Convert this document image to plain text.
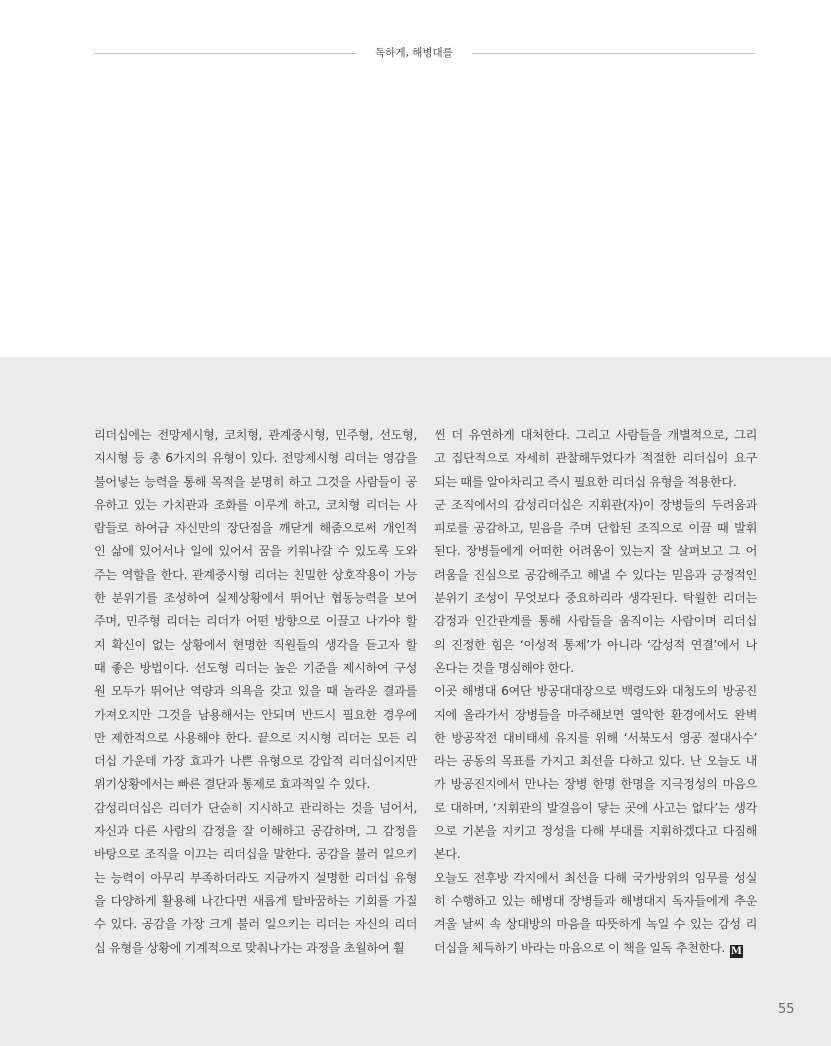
독하게, 해병대를
리더십에는 전망제시형, 코치형, 관계중시형, 민주형, 선도형,
지시형 등 총 6가지의 유형이 있다. 전망제시형 리더는 영감을
불어넣는 능력을 통해 목적을 분명히 하고 그것을 사람들이 공
유하고 있는 가치관과 조화를 이루게 하고, 코치형 리더는 사
람들로 하여금 자신만의 장단점을 깨닫게 해줌으로써 개인적
인 삶에 있어서나 일에 있어서 꿈을 키워나갈 수 있도록 도와
주는 역할을 한다. 관계중시형 리더는 친밀한 상호작용이 가능
한 분위기를 조성하여 실제상황에서 뛰어난 협동능력을 보여
주며, 민주형 리더는 리더가 어떤 방향으로 이끌고 나가야 할
지 확신이 없는 상황에서 현명한 직원들의 생각을 듣고자 할
때 좋은 방법이다. 선도형 리더는 높은 기준을 제시하여 구성
원 모두가 뛰어난 역량과 의욕을 갖고 있을 때 놀라운 결과를
가져오지만 그것을 남용해서는 안되며 반드시 필요한 경우에
만 제한적으로 사용해야 한다. 끝으로 지시형 리더는 모든 리
더십 가운데 가장 효과가 나쁜 유형으로 강압적 리더십이지만
위기상황에서는 빠른 결단과 통제로 효과적일 수 있다.
감성리더십은 리더가 단순히 지시하고 관리하는 것을 넘어서,
자신과 다른 사람의 감정을 잘 이해하고 공감하며, 그 감정을
바탕으로 조직을 이끄는 리더십을 말한다. 공감을 불러 일으키
는 능력이 아무리 부족하더라도 지금까지 설명한 리더십 유형
을 다양하게 활용해 나간다면 새롭게 탈바꿈하는 기회를 가질
수 있다. 공감을 가장 크게 불러 일으키는 리더는 자신의 리더
십 유형을 상황에 기계적으로 맞춰나가는 과정을 초월하여 훨
씬 더 유연하게 대처한다. 그리고 사람들을 개별적으로, 그리
고 집단적으로 자세히 관찰해두었다가 적절한 리더십이 요구
되는 때를 알아차리고 즉시 필요한 리더십 유형을 적용한다.
군 조직에서의 감성리더십은 지휘관(자)이 장병들의 두려움과
피로를 공감하고, 믿음을 주며 단합된 조직으로 이끌 때 발휘
된다. 장병들에게 어떠한 어려움이 있는지 잘 살펴보고 그 어
려움을 진심으로 공감해주고 해낼 수 있다는 믿음과 긍정적인
분위기 조성이 무엇보다 중요하리라 생각된다. 탁월한 리더는
감정과 인간관계를 통해 사람들을 움직이는 사람이며 리더십
의 진정한 힘은 ‘이성적 통제’가 아니라 ‘감성적 연결’에서 나
온다는 것을 명심해야 한다.
이곳 해병대 6여단 방공대대장으로 백령도와 대청도의 방공진
지에 올라가서 장병들을 마주해보면 열악한 환경에서도 완벽
한 방공작전 대비태세 유지를 위해 ‘서북도서 영공 절대사수’
라는 공동의 목표를 가지고 최선을 다하고 있다. 난 오늘도 내
가 방공진지에서 만나는 장병 한명 한명을 지극정성의 마음으
로 대하며, ‘지휘관의 발걸음이 닿는 곳에 사고는 없다’는 생각
으로 기본을 지키고 정성을 다해 부대를 지휘하겠다고 다짐해
본다.
오늘도 전후방 각지에서 최선을 다해 국가방위의 임무를 성실
히 수행하고 있는 해병대 장병들과 해병대지 독자들에게 추운
겨울 날씨 속 상대방의 마음을 따뜻하게 녹일 수 있는 감성 리
더십을 체득하기 바라는 마음으로 이 책을 일독 추천한다. M
55
